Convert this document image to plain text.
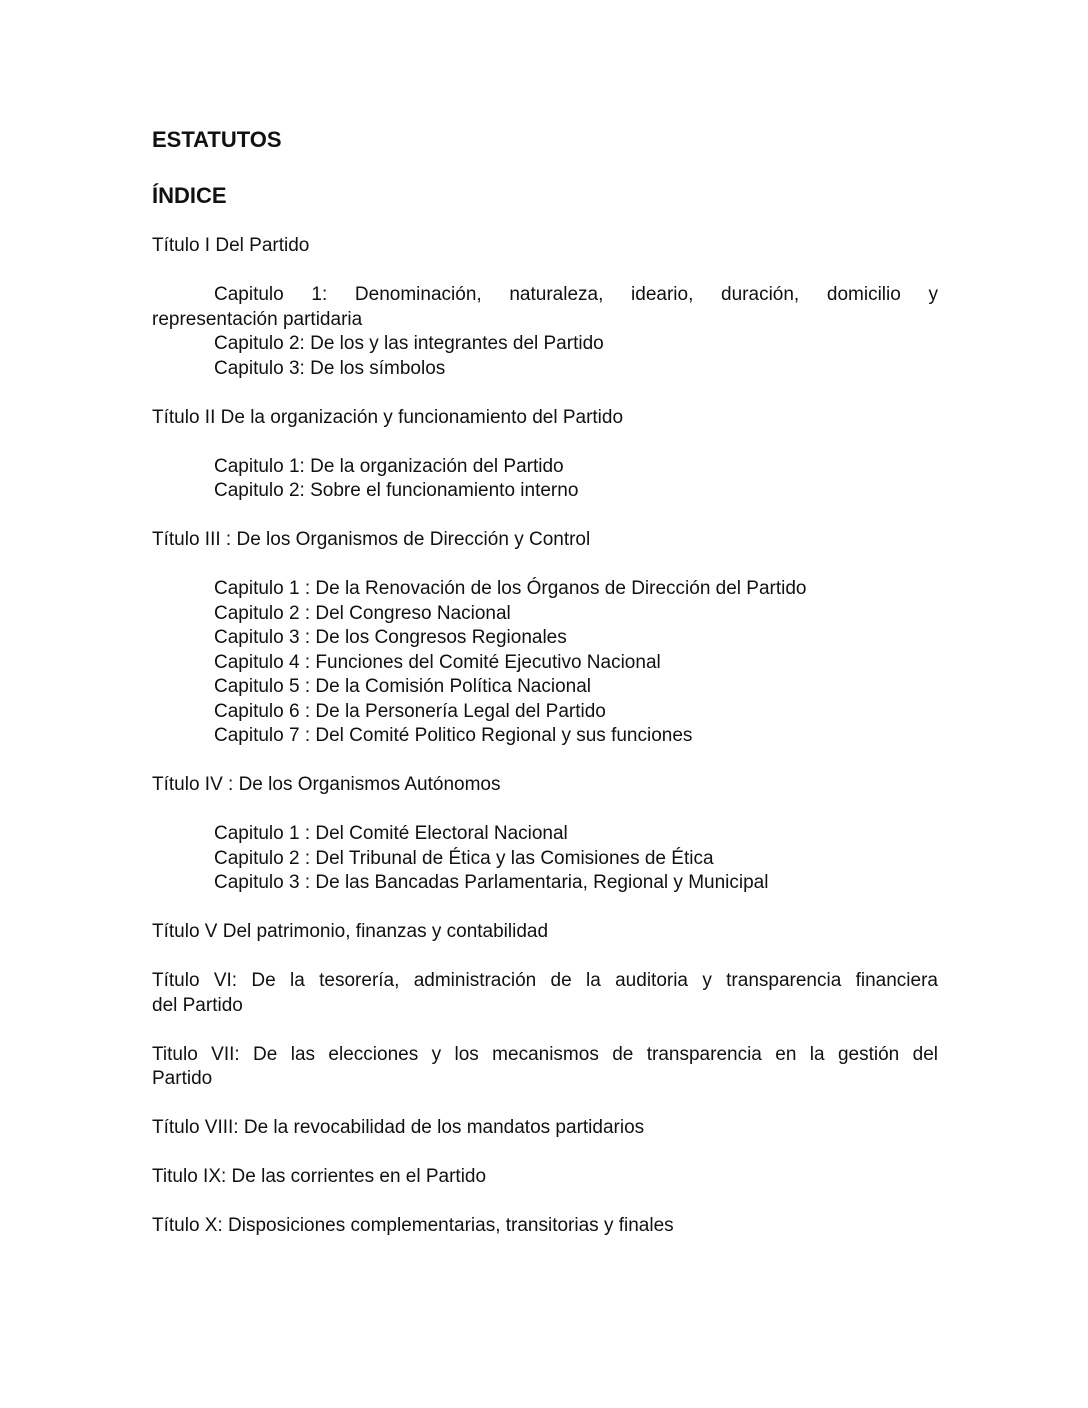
ESTATUTOS
ÍNDICE
Título I Del Partido
Capitulo 1: Denominación, naturaleza, ideario, duración, domicilio y
representación partidaria
Capitulo 2: De los y las integrantes del Partido
Capitulo 3: De los símbolos
Título II De la organización y funcionamiento del Partido
Capitulo 1: De la organización del Partido
Capitulo 2: Sobre el funcionamiento interno
Título III : De los Organismos de Dirección y Control
Capitulo 1 : De la Renovación de los Órganos de Dirección del Partido
Capitulo 2 : Del Congreso Nacional
Capitulo 3 : De los Congresos Regionales
Capitulo 4 : Funciones del Comité Ejecutivo Nacional
Capitulo 5 : De la Comisión Política Nacional
Capitulo 6 : De la Personería Legal del Partido
Capitulo 7 : Del Comité Politico Regional y sus funciones
Título IV : De los Organismos Autónomos
Capitulo 1 : Del Comité Electoral Nacional
Capitulo 2 : Del Tribunal de Ética y las Comisiones de Ética
Capitulo 3 : De las Bancadas Parlamentaria, Regional y Municipal
Título V Del patrimonio, finanzas y contabilidad
Título VI: De la tesorería, administración de la auditoria y transparencia financiera
del Partido
Titulo VII: De las elecciones y los mecanismos de transparencia en la gestión del
Partido
Título VIII: De la revocabilidad de los mandatos partidarios
Titulo IX: De las corrientes en el Partido
Título X: Disposiciones complementarias, transitorias y finales
